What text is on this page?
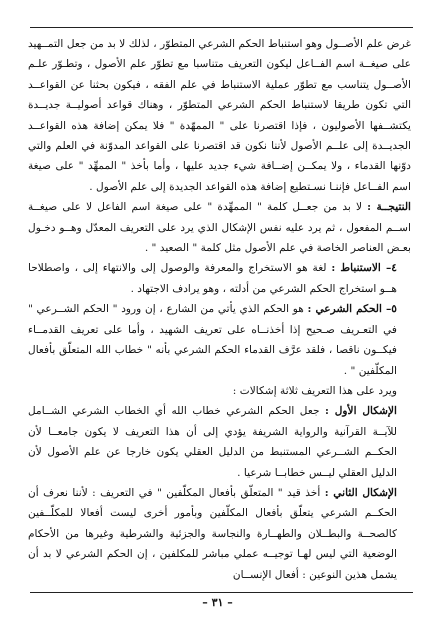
غرض علم الأصــول وهو استنباط الحكم الشرعي المتطوّر ، لذلك لا بد من جعل التمــهيد على صيغــة اسم الفــاعل ليكون التعريف متناسبا مع تطوّر علم الأصول ، وتطـوّر علـم الأصــول يتناسب مع تطوّر عملية الاستنباط في علم الفقه ، فيكون بحثنا عن القواعــد التي تكون طريقا لاستنباط الحكم الشرعي المتطوّر ، وهناك قواعد أصوليــة جديــدة يكتشــفها الأصوليون ، فإذا اقتصرنا على " الممهّدة " فلا يمكن إضافة هذه القواعــد الجديــدة إلى علــم الأصول لأننا نكون قد اقتصرنا على القواعد المدوّنة في العلم والتي دوّنها القدماء ، ولا يمكــن إضــافة شيء جديد عليها ، وأما بأخذ " الممهِّد " على صيغة اسم الفــاعل فإننـا نسـتطيع إضافة هذه القواعد الجديدة إلى علم الأصول .

النتيجــة : لا بد من جعــل كلمة " الممهِّدة " على صيغة اسم الفاعل لا على صيغــة اســم المفعول ، ثم يرد عليه نفس الإشكال الذي يرد على التعريف المعدّل وهــو دخـول بعـض العناصر الخاصة في علم الأصول مثل كلمة " الصعيد " .

٤– الاستنباط : لغة هو الاستخراج والمعرفة والوصول إلى والانتهاء إلى ، واصطلاحا هــو استخراج الحكم الشرعي من أدلته ، وهو يرادف الاجتهاد .

٥– الحكم الشرعي : هو الحكم الذي يأتي من الشارع ، إن ورود " الحكم الشــرعي " في التعـريف صـحيح إذا أخذنــاه على تعريف الشهيد ، وأما على تعريف القدمــاء فيكــون ناقصا ، فلقد عرَّف القدماء الحكم الشرعي بأنه " خطاب الله المتعلّق بأفعال المكلّفين " .

ويرد على هذا التعريف ثلاثة إشكالات :

الإشكال الأول : جعل الحكم الشرعي خطاب الله أي الخطاب الشرعي الشــامل للآيــة القرآنية والرواية الشريفة يؤدي إلى أن هذا التعريف لا يكون جامعــا لأن الحكــم الشــرعي المستنبط من الدليل العقلي يكون خارجا عن علم الأصول لأن الدليل العقلي ليــس خطابــا شرعيا .

الإشكال الثاني : أخذ قيد " المتعلّق بأفعال المكلّفين " في التعريف : لأننا نعرف أن الحكــم الشرعي يتعلّق بأفعال المكلّفين وبأمور أخرى ليست أفعالا للمكلّــفين كالصحــة والبطــلان والطهــارة والنجاسة والجزئية والشرطية وغيرها من الأحكام الوضعية التي ليس لهـا توجيــه عملي مباشر للمكلفين ، إن الحكم الشرعي لا بد أن يشمل هذين النوعين : أفعال الإنســان

– ٣١ –
